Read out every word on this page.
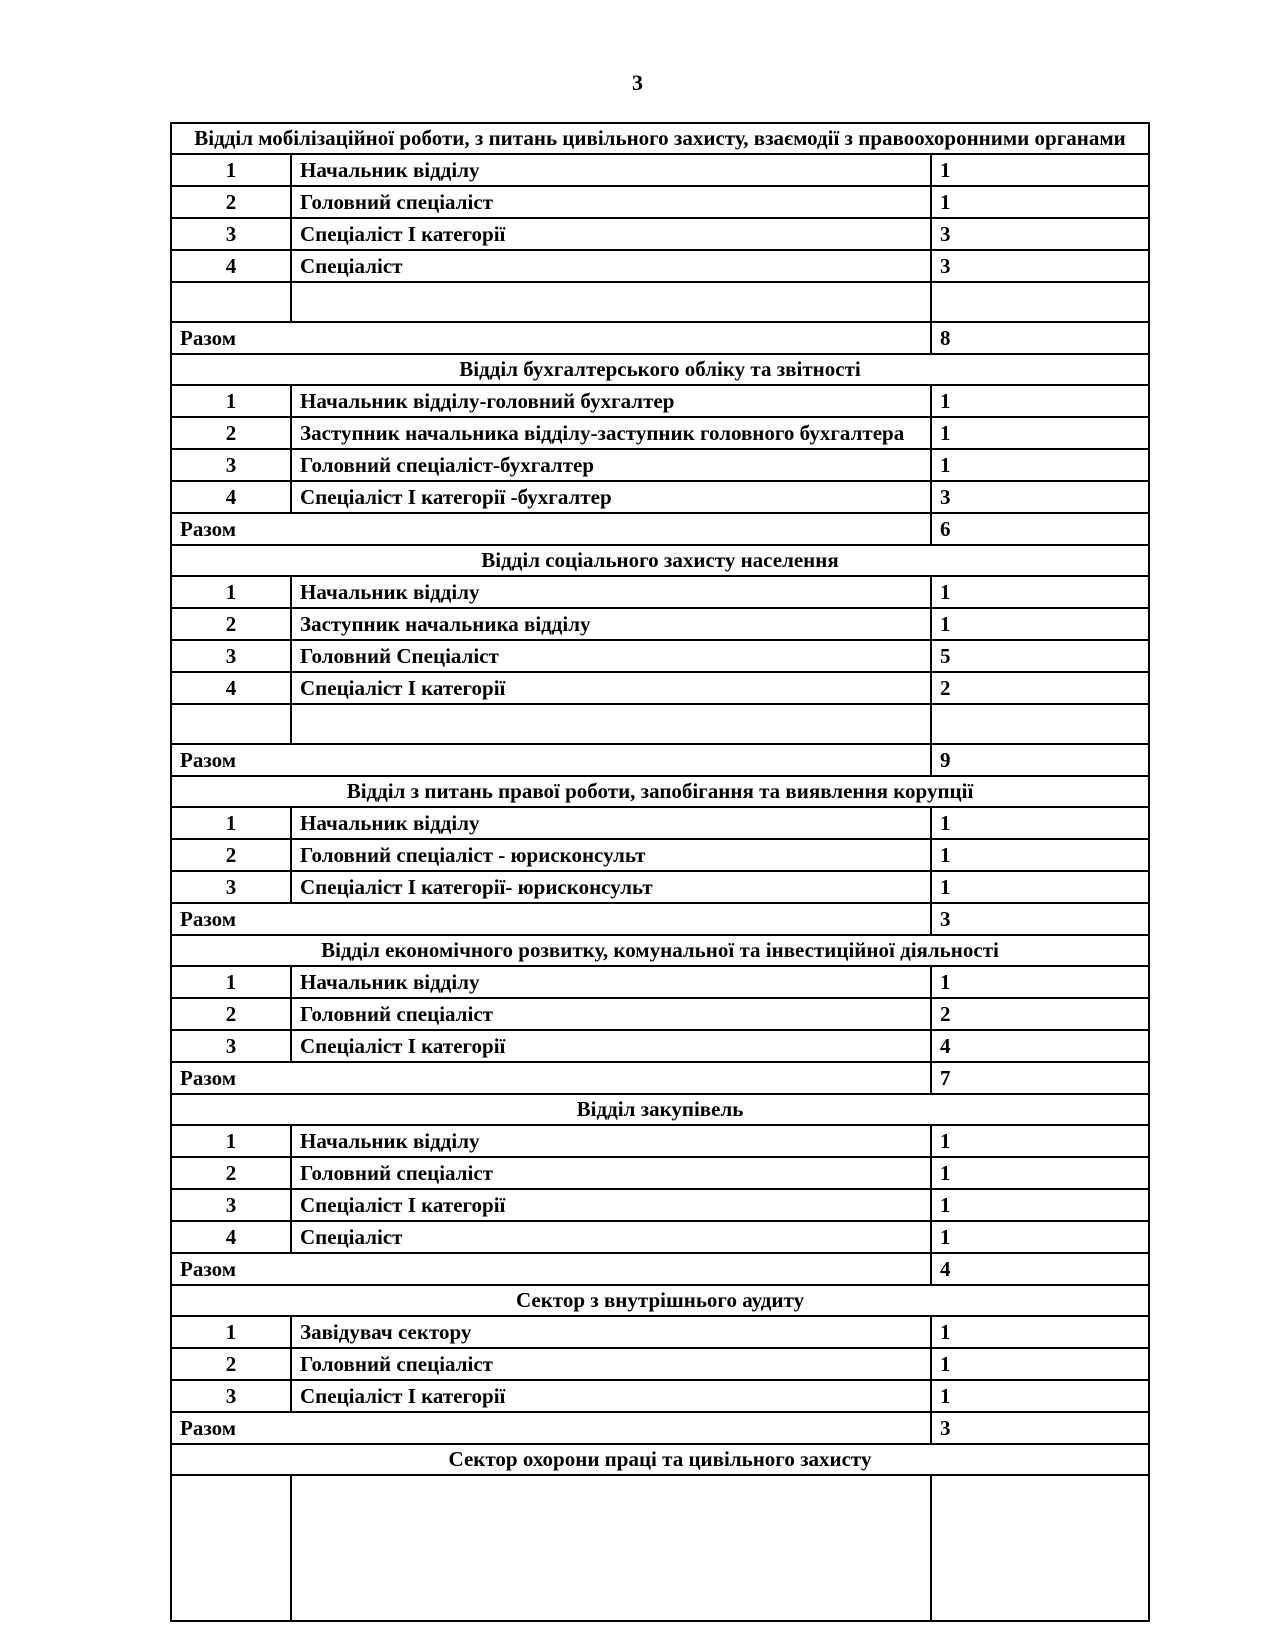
3
Відділ мобілізаційної роботи, з питань цивільного захисту, взаємодії з правоохоронними органами		
1	Начальник відділу	1
2	Головний спеціаліст	1
3	Спеціаліст І категорії	3
4	Спеціаліст	3

Разом		8
Відділ бухгалтерського обліку та звітності		
1	Начальник відділу-головний бухгалтер	1
2	Заступник начальника відділу-заступник головного бухгалтера	1
3	Головний спеціаліст-бухгалтер	1
4	Спеціаліст І категорії -бухгалтер	3
Разом		6
Відділ соціального захисту населення		
1	Начальник відділу	1
2	Заступник начальника відділу	1
3	Головний Спеціаліст	5
4	Спеціаліст І категорії	2

Разом		9
Відділ з питань правої роботи, запобігання та виявлення корупції		
1	Начальник відділу	1
2	Головний спеціаліст - юрисконсульт	1
3	Спеціаліст І категорії- юрисконсульт	1
Разом		3
Відділ економічного розвитку, комунальної та інвестиційної діяльності		
1	Начальник відділу	1
2	Головний спеціаліст	2
3	Спеціаліст І категорії	4
Разом		7
Відділ закупівель		
1	Начальник відділу	1
2	Головний спеціаліст	1
3	Спеціаліст І категорії	1
4	Спеціаліст	1
Разом		4
Сектор з внутрішнього аудиту		
1	Завідувач сектору	1
2	Головний спеціаліст	1
3	Спеціаліст І категорії	1
Разом		3
Сектор охорони праці та цивільного захисту		
